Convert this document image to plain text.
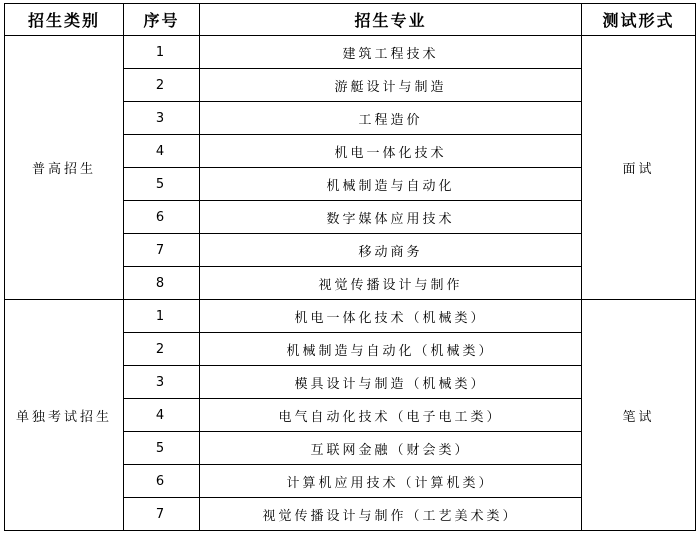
招生类别	序号	招生专业	测试形式
普高招生	1	建筑工程技术	面试
	2	游艇设计与制造	
	3	工程造价	
	4	机电一体化技术	
	5	机械制造与自动化	
	6	数字媒体应用技术	
	7	移动商务	
	8	视觉传播设计与制作	
单独考试招生	1	机电一体化技术（机械类）	笔试
	2	机械制造与自动化（机械类）	
	3	模具设计与制造（机械类）	
	4	电气自动化技术（电子电工类）	
	5	互联网金融（财会类）	
	6	计算机应用技术（计算机类）	
	7	视觉传播设计与制作（工艺美术类）	
